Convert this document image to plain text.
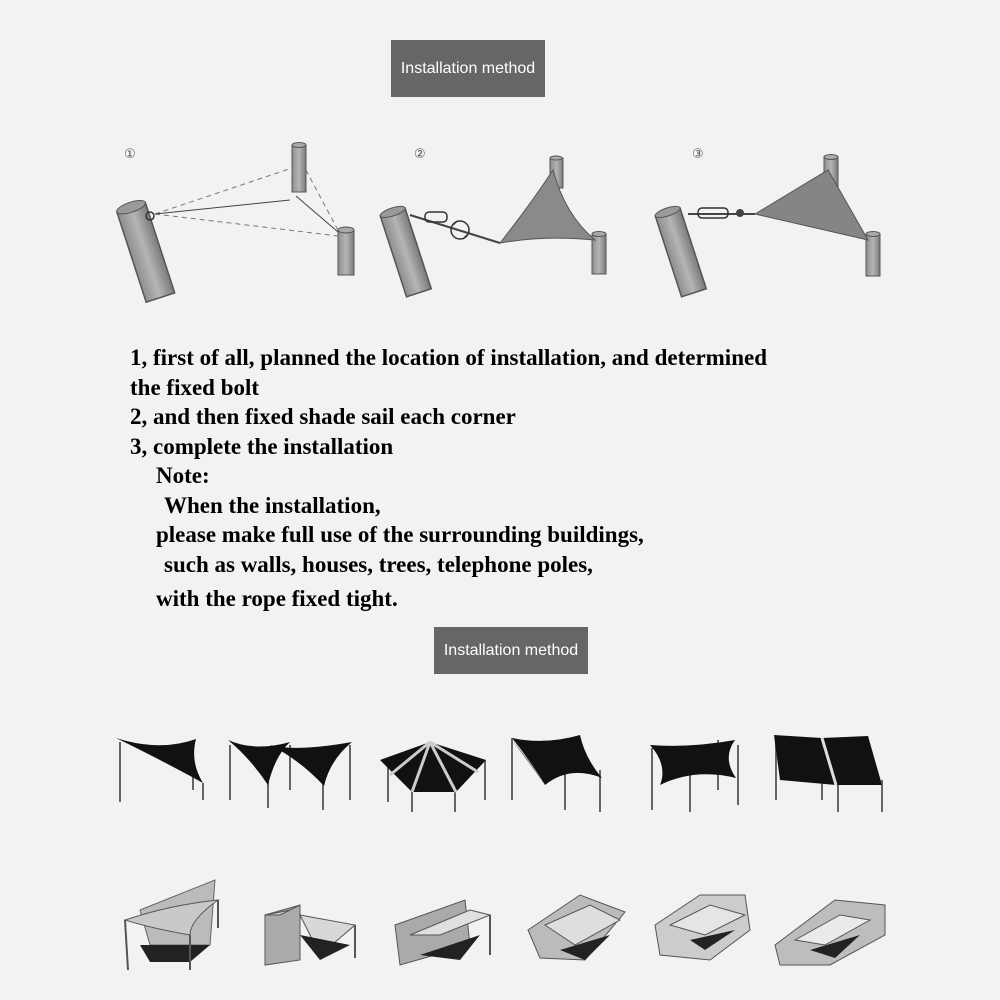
Installation method
①	②	③
1, first of all, planned the location of installation, and determined
the fixed bolt
2, and then fixed shade sail each corner
3, complete the installation
Note:
When the installation,
please make full use of the surrounding buildings,
such as walls, houses, trees, telephone poles,
with the rope fixed tight.
Installation method
